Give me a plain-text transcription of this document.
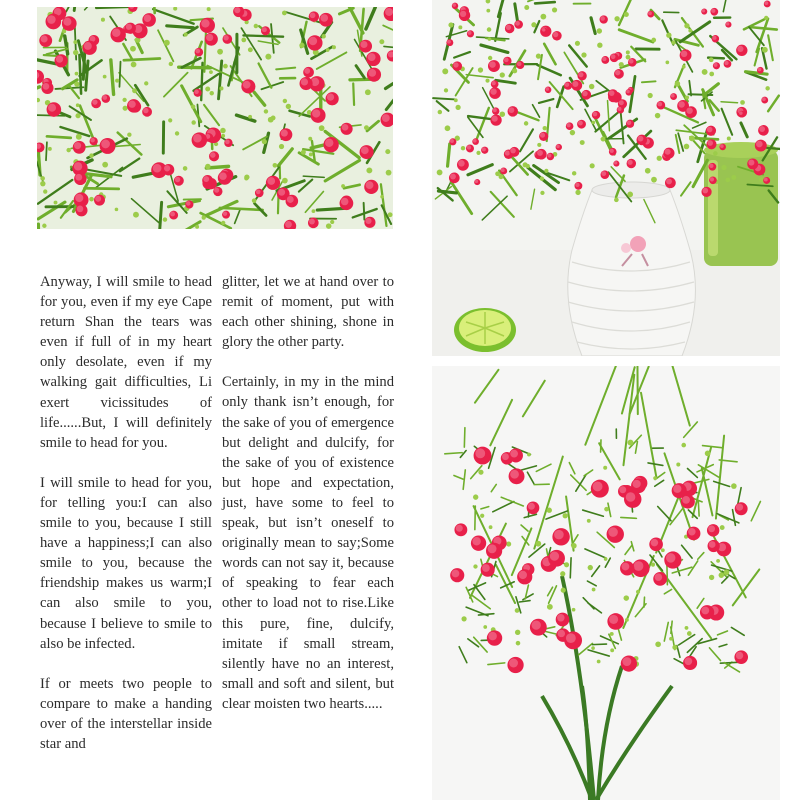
Anyway, I will smile to head for you, even if my eye Cape return Shan the tears was even if full of in my heart only desolate, even if my walking gait difficulties, Li exert vicissitudes of life......But, I will definitely smile to head for you.

I will smile to head for you, for telling you:I can also smile to you, because I still have a happiness;I can also smile to you, because the friendship makes us warm;I can also smile to you, because I believe to smile to also be infected.

If or meets two people to compare to make a handing over of the interstellar inside star and

glitter, let we at hand over to remit of moment, put with each other shining, shone in glory the other party.

Certainly, in my in the mind only thank isn’t enough, for the sake of you of emergence but delight and dulcify, for the sake of you of existence but hope and expectation, just, have some to feel to speak, but isn’t oneself to originally mean to say;Some words can not say it, because of speaking to fear each other to load not to rise.Like this pure, fine, dulcify, imitate if small stream, silently have no an interest, small and soft and silent, but clear moisten two hearts.....
